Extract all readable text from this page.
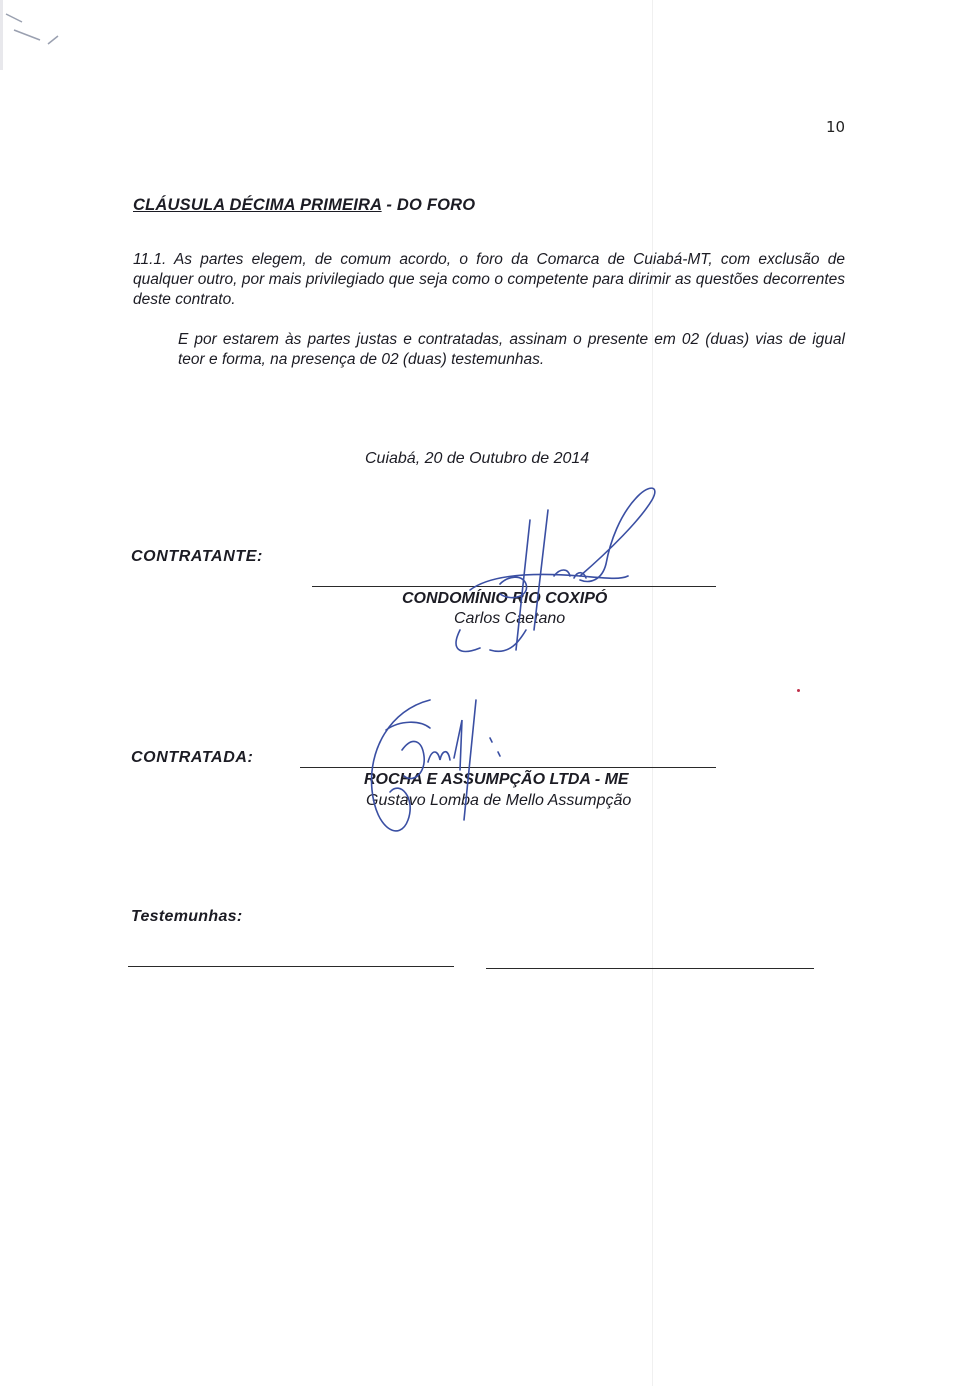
10
CLÁUSULA DÉCIMA PRIMEIRA - DO FORO

11.1. As partes elegem, de comum acordo, o foro da Comarca de Cuiabá-MT, com exclusão de qualquer outro, por mais privilegiado que seja como o competente para dirimir as questões decorrentes deste contrato.

E por estarem às partes justas e contratadas, assinam o presente em 02 (duas) vias de igual teor e forma, na presença de 02 (duas) testemunhas.

Cuiabá, 20 de Outubro de 2014
CONTRATANTE:
CONDOMÍNIO RIO COXIPÓ
Carlos Caetano
CONTRATADA:
ROCHA E ASSUMPÇÃO LTDA - ME
Gustavo Lomba de Mello Assumpção
Testemunhas:
